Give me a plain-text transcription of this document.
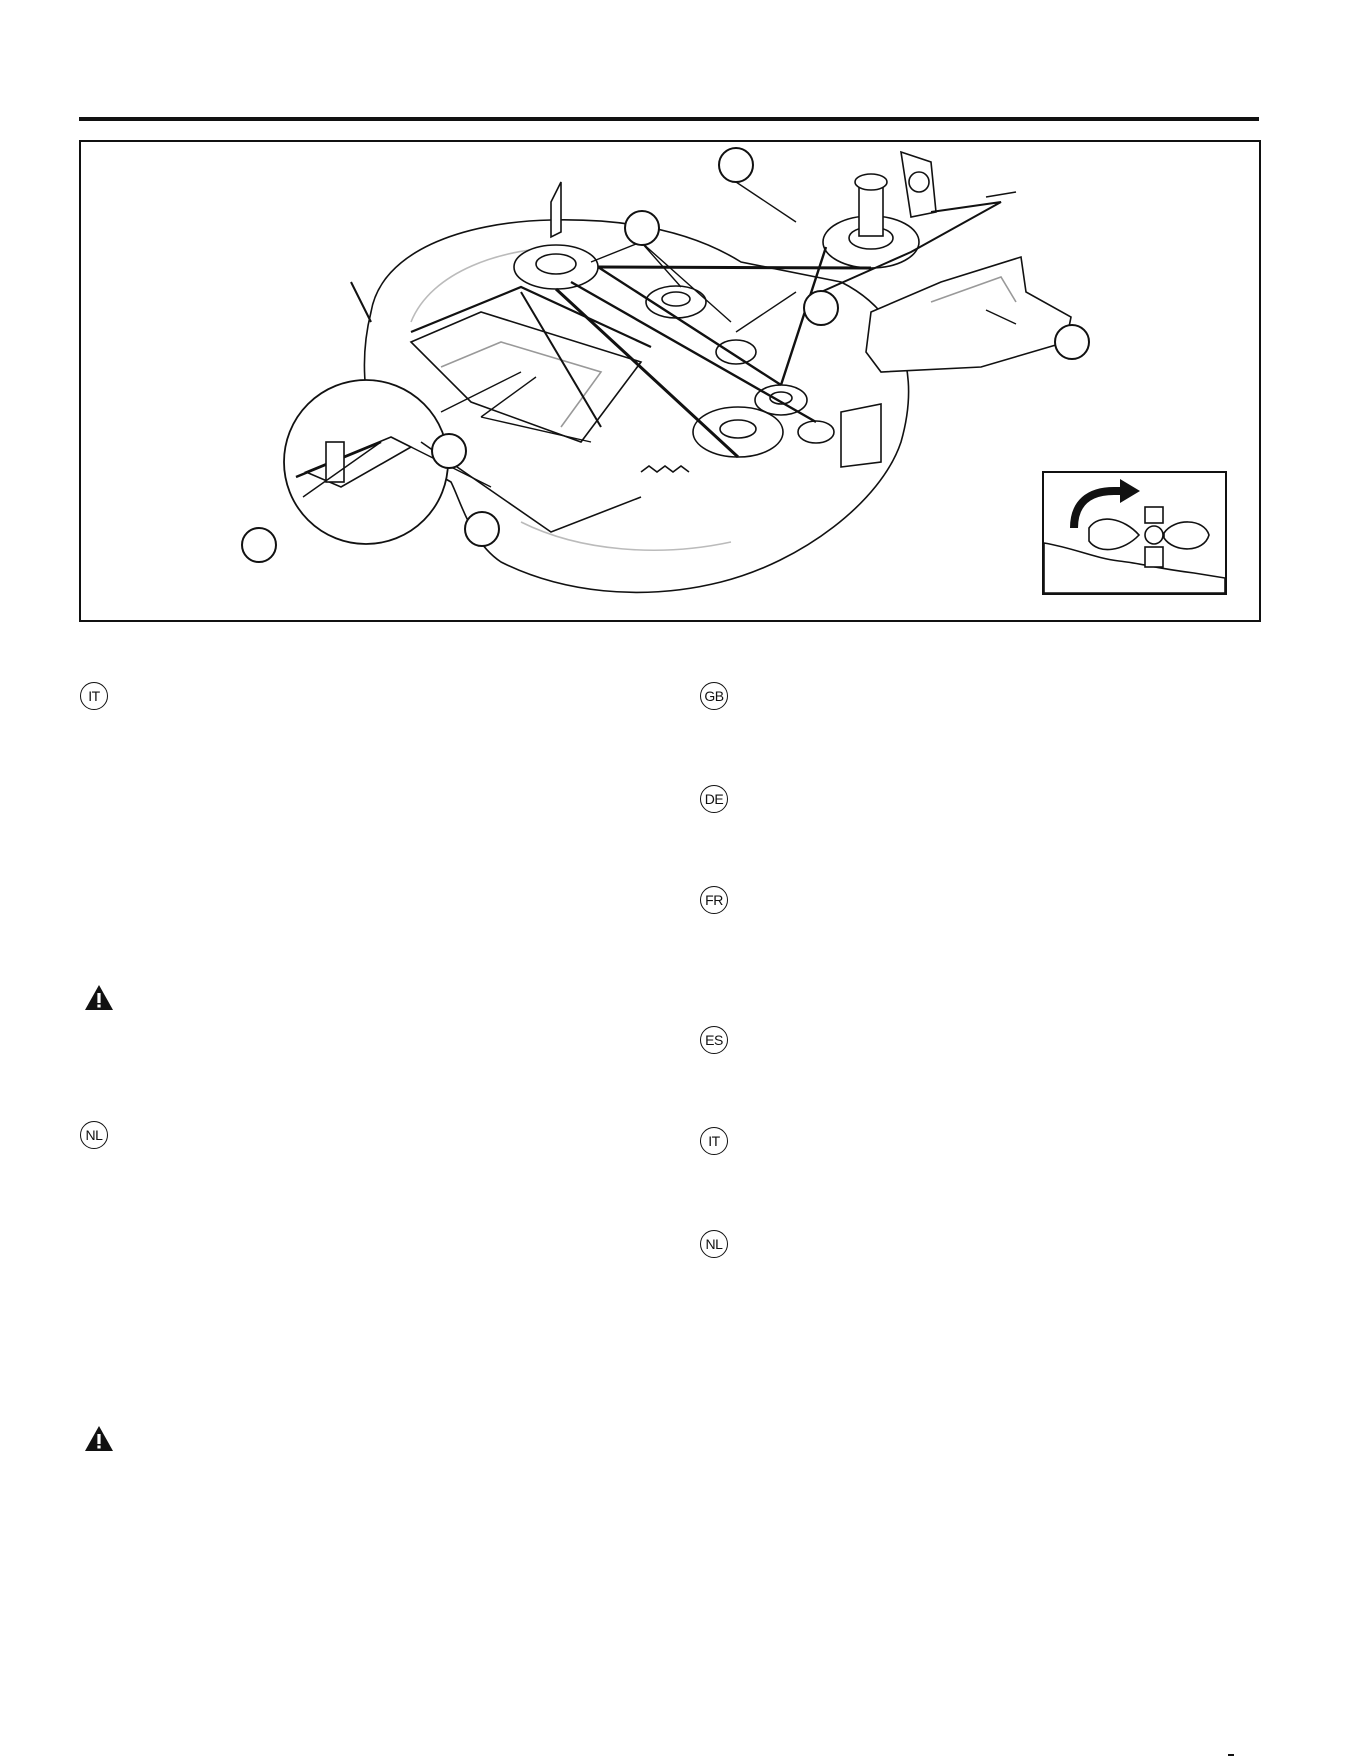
IT
NL
GB
DE
FR
ES
IT
NL
